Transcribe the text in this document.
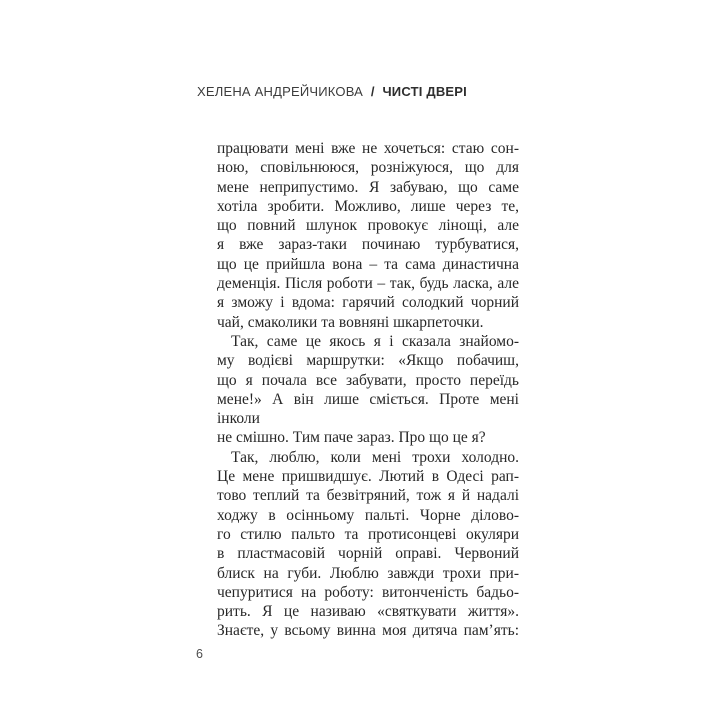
ХЕЛЕНА АНДРЕЙЧИКОВА / ЧИСТІ ДВЕРІ
працювати мені вже не хочеться: стаю сон-
ною, сповільнююся, розніжуюся, що для
мене неприпустимо. Я забуваю, що саме
хотіла зробити. Можливо, лише через те,
що повний шлунок провокує лінощі, але
я вже зараз-таки починаю турбуватися,
що це прийшла вона – та сама династична
деменція. Після роботи – так, будь ласка, але
я зможу і вдома: гарячий солодкий чорний
чай, смаколики та вовняні шкарпеточки.
Так, саме це якось я і сказала знайомо-
му водієві маршрутки: «Якщо побачиш,
що я почала все забувати, просто переїдь
мене!» А він лише сміється. Проте мені інколи
не смішно. Тим паче зараз. Про що це я?
Так, люблю, коли мені трохи холодно.
Це мене пришвидшує. Лютий в Одесі рап-
тово теплий та безвітряний, тож я й надалі
ходжу в осінньому пальті. Чорне ділово-
го стилю пальто та протисонцеві окуляри
в пластмасовій чорній оправі. Червоний
блиск на губи. Люблю завжди трохи при-
чепуритися на роботу: витонченість бадьо-
рить. Я це називаю «святкувати життя».
Знаєте, у всьому винна моя дитяча пам’ять:
6
